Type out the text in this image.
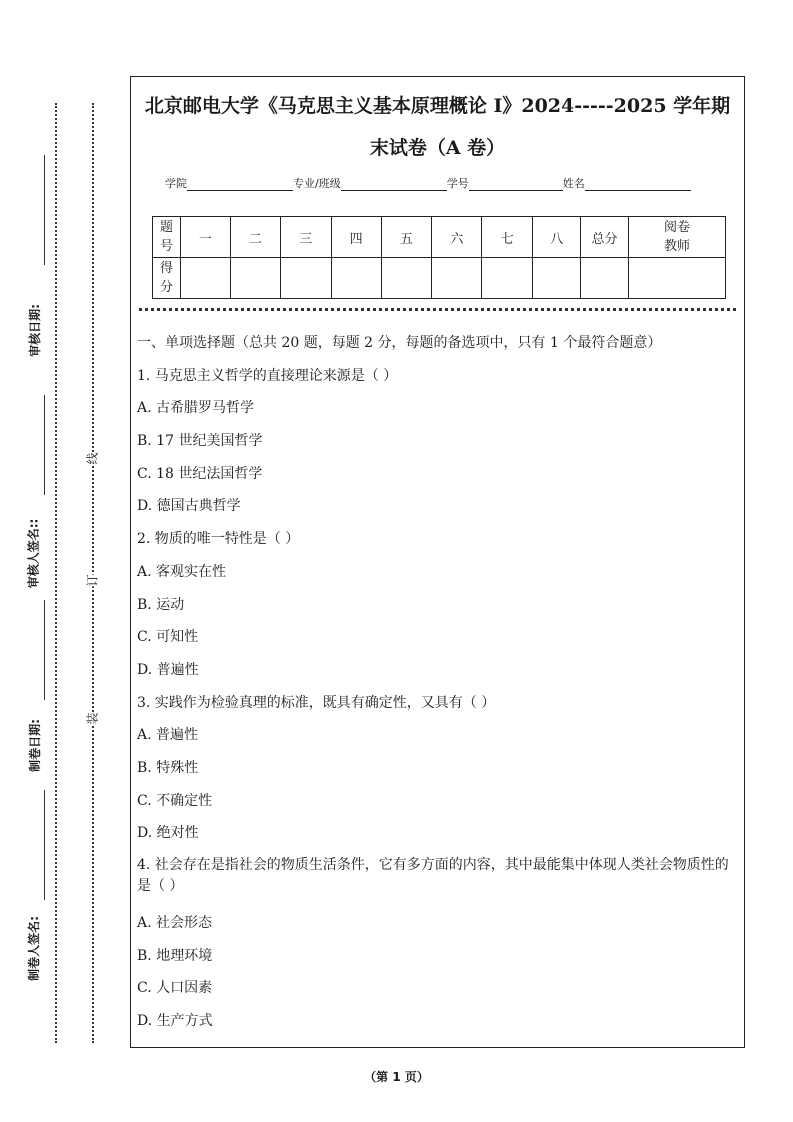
审核日期:
审核人签名::
制卷日期:
制卷人签名:
线
订
装
北京邮电大学《马克思主义基本原理概论 I》2024-----2025 学年期
末试卷（A 卷）
学院	专业/班级	学号	姓名
题号	一	二	三	四	五	六	七	八	总分	阅卷教师
得分										
一、单项选择题（总共 20 题，每题 2 分，每题的备选项中，只有 1 个最符合题意）
1. 马克思主义哲学的直接理论来源是（ ）
A. 古希腊罗马哲学
B. 17 世纪美国哲学
C. 18 世纪法国哲学
D. 德国古典哲学
2. 物质的唯一特性是（ ）
A. 客观实在性
B. 运动
C. 可知性
D. 普遍性
3. 实践作为检验真理的标准，既具有确定性，又具有（ ）
A. 普遍性
B. 特殊性
C. 不确定性
D. 绝对性
4. 社会存在是指社会的物质生活条件，它有多方面的内容，其中最能集中体现人类社会物质性的是（ ）
A. 社会形态
B. 地理环境
C. 人口因素
D. 生产方式
（第 1 页）
